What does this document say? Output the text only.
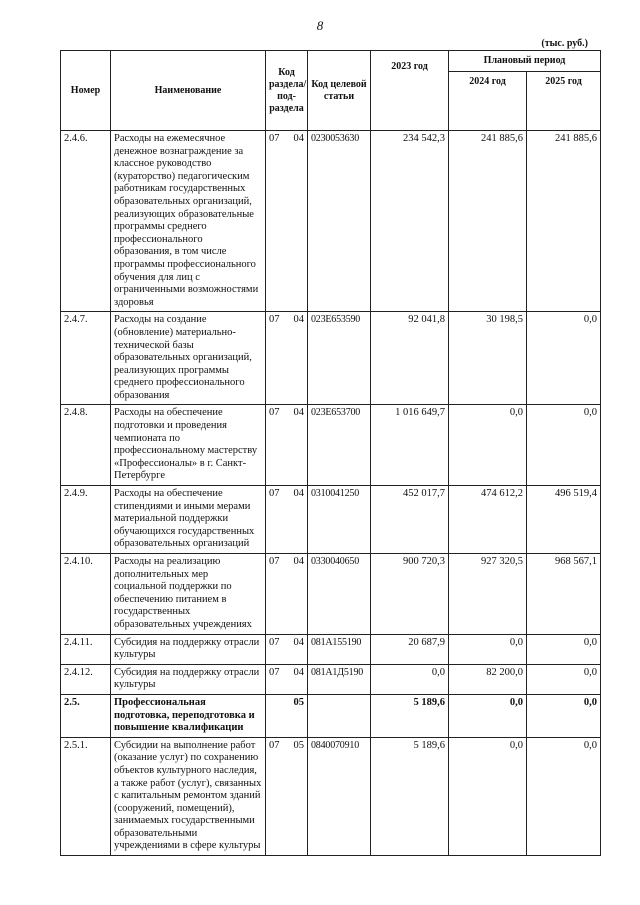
8
(тыс. руб.)
Номер	Наименование	Код раздела/ под-раздела	Код целевой статьи	2023 год	Плановый период	
					2024 год	2025 год
2.4.6.	Расходы на ежемесячное денежное вознаграждение за классное руководство (кураторство) педагогическим работникам государственных образовательных организаций, реализующих образовательные программы среднего профессионального образования, в том числе программы профессионального обучения для лиц с ограниченными возможностями здоровья	07 04	0230053630	234 542,3	241 885,6	241 885,6
2.4.7.	Расходы на создание (обновление) материально-технической базы образовательных организаций, реализующих программы среднего профессионального образования	07 04	023Е653590	92 041,8	30 198,5	0,0
2.4.8.	Расходы на обеспечение подготовки и проведения чемпионата по профессиональному мастерству «Профессионалы» в г. Санкт-Петербурге	07 04	023Е653700	1 016 649,7	0,0	0,0
2.4.9.	Расходы на обеспечение стипендиями и иными мерами материальной поддержки обучающихся государственных образовательных организаций	07 04	0310041250	452 017,7	474 612,2	496 519,4
2.4.10.	Расходы на реализацию дополнительных мер социальной поддержки по обеспечению питанием в государственных образовательных учреждениях	07 04	0330040650	900 720,3	927 320,5	968 567,1
2.4.11.	Субсидия на поддержку отрасли культуры	07 04	081А155190	20 687,9	0,0	0,0
2.4.12.	Субсидия на поддержку отрасли культуры	07 04	081А1Д5190	0,0	82 200,0	0,0
2.5.	Профессиональная подготовка, переподготовка и повышение квалификации	05		5 189,6	0,0	0,0
2.5.1.	Субсидии на выполнение работ (оказание услуг) по сохранению объектов культурного наследия, а также работ (услуг), связанных с капитальным ремонтом зданий (сооружений, помещений), занимаемых государственными образовательными учреждениями в сфере культуры	07 05	0840070910	5 189,6	0,0	0,0
